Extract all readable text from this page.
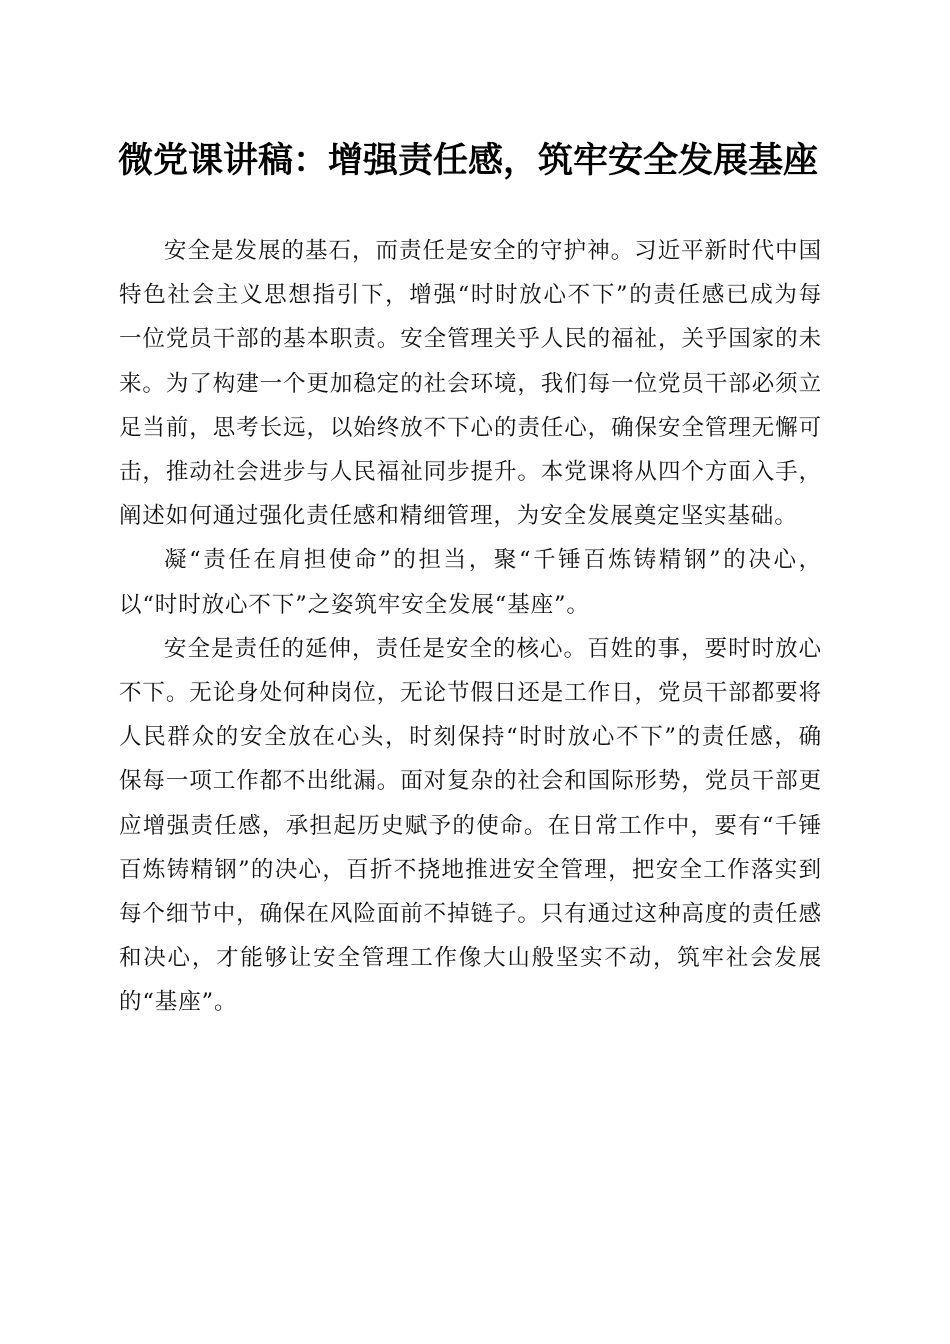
微党课讲稿：增强责任感，筑牢安全发展基座

安全是发展的基石，而责任是安全的守护神。习近平新时代中国特色社会主义思想指引下，增强“时时放心不下”的责任感已成为每一位党员干部的基本职责。安全管理关乎人民的福祉，关乎国家的未来。为了构建一个更加稳定的社会环境，我们每一位党员干部必须立足当前，思考长远，以始终放不下心的责任心，确保安全管理无懈可击，推动社会进步与人民福祉同步提升。本党课将从四个方面入手，阐述如何通过强化责任感和精细管理，为安全发展奠定坚实基础。

凝“责任在肩担使命”的担当，聚“千锤百炼铸精钢”的决心，以“时时放心不下”之姿筑牢安全发展“基座”。

安全是责任的延伸，责任是安全的核心。百姓的事，要时时放心不下。无论身处何种岗位，无论节假日还是工作日，党员干部都要将人民群众的安全放在心头，时刻保持“时时放心不下”的责任感，确保每一项工作都不出纰漏。面对复杂的社会和国际形势，党员干部更应增强责任感，承担起历史赋予的使命。在日常工作中，要有“千锤百炼铸精钢”的决心，百折不挠地推进安全管理，把安全工作落实到每个细节中，确保在风险面前不掉链子。只有通过这种高度的责任感和决心，才能够让安全管理工作像大山般坚实不动，筑牢社会发展的“基座”。
